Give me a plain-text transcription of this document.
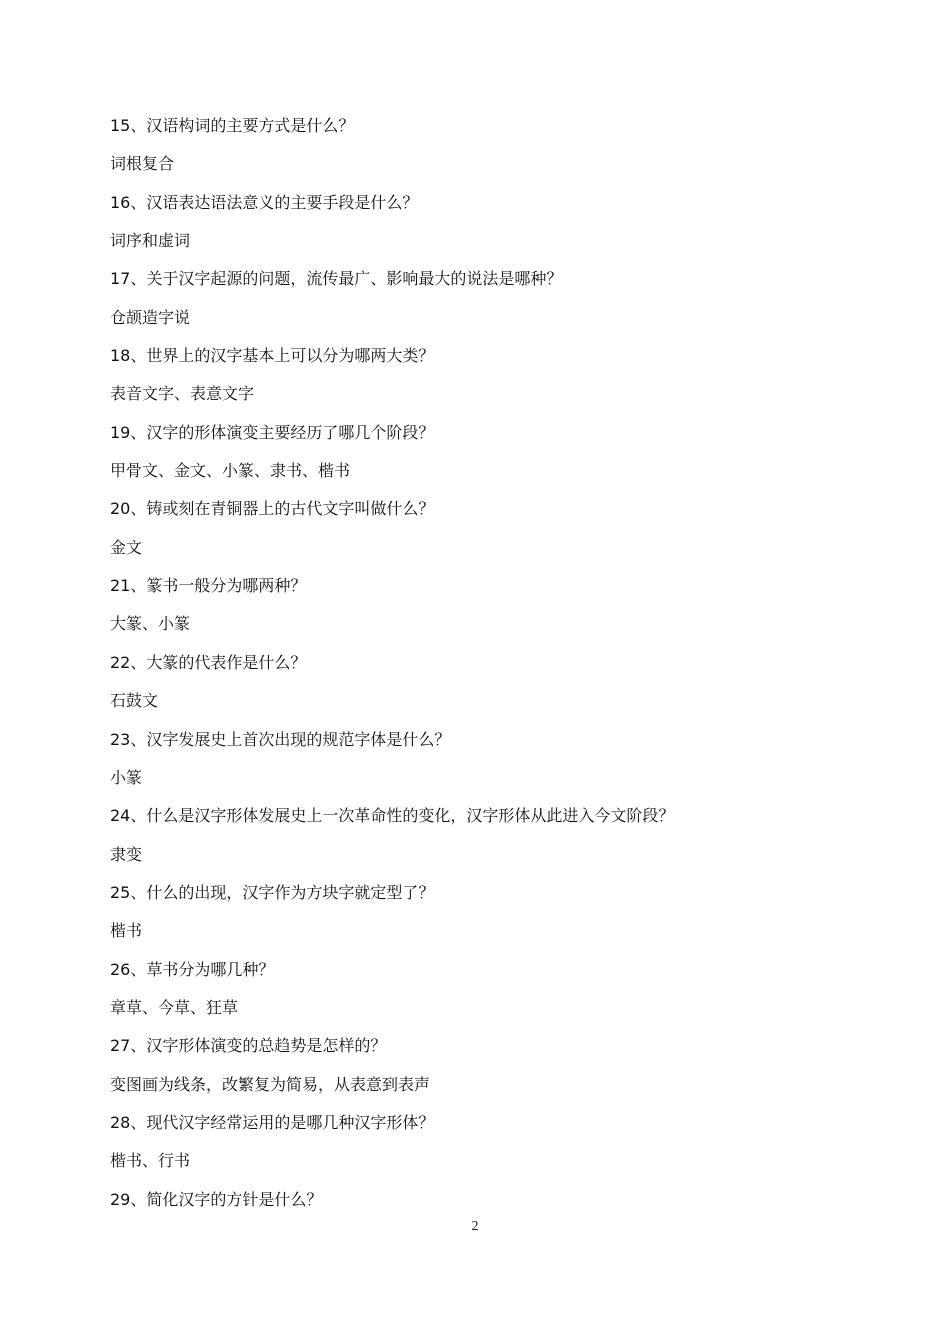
15、汉语构词的主要方式是什么？
词根复合
16、汉语表达语法意义的主要手段是什么？
词序和虚词
17、关于汉字起源的问题，流传最广、影响最大的说法是哪种？
仓颉造字说
18、世界上的汉字基本上可以分为哪两大类？
表音文字、表意文字
19、汉字的形体演变主要经历了哪几个阶段？
甲骨文、金文、小篆、隶书、楷书
20、铸或刻在青铜器上的古代文字叫做什么？
金文
21、篆书一般分为哪两种？
大篆、小篆
22、大篆的代表作是什么？
石鼓文
23、汉字发展史上首次出现的规范字体是什么？
小篆
24、什么是汉字形体发展史上一次革命性的变化，汉字形体从此进入今文阶段？
隶变
25、什么的出现，汉字作为方块字就定型了？
楷书
26、草书分为哪几种？
章草、今草、狂草
27、汉字形体演变的总趋势是怎样的？
变图画为线条，改繁复为简易，从表意到表声
28、现代汉字经常运用的是哪几种汉字形体？
楷书、行书
29、简化汉字的方针是什么？
2
